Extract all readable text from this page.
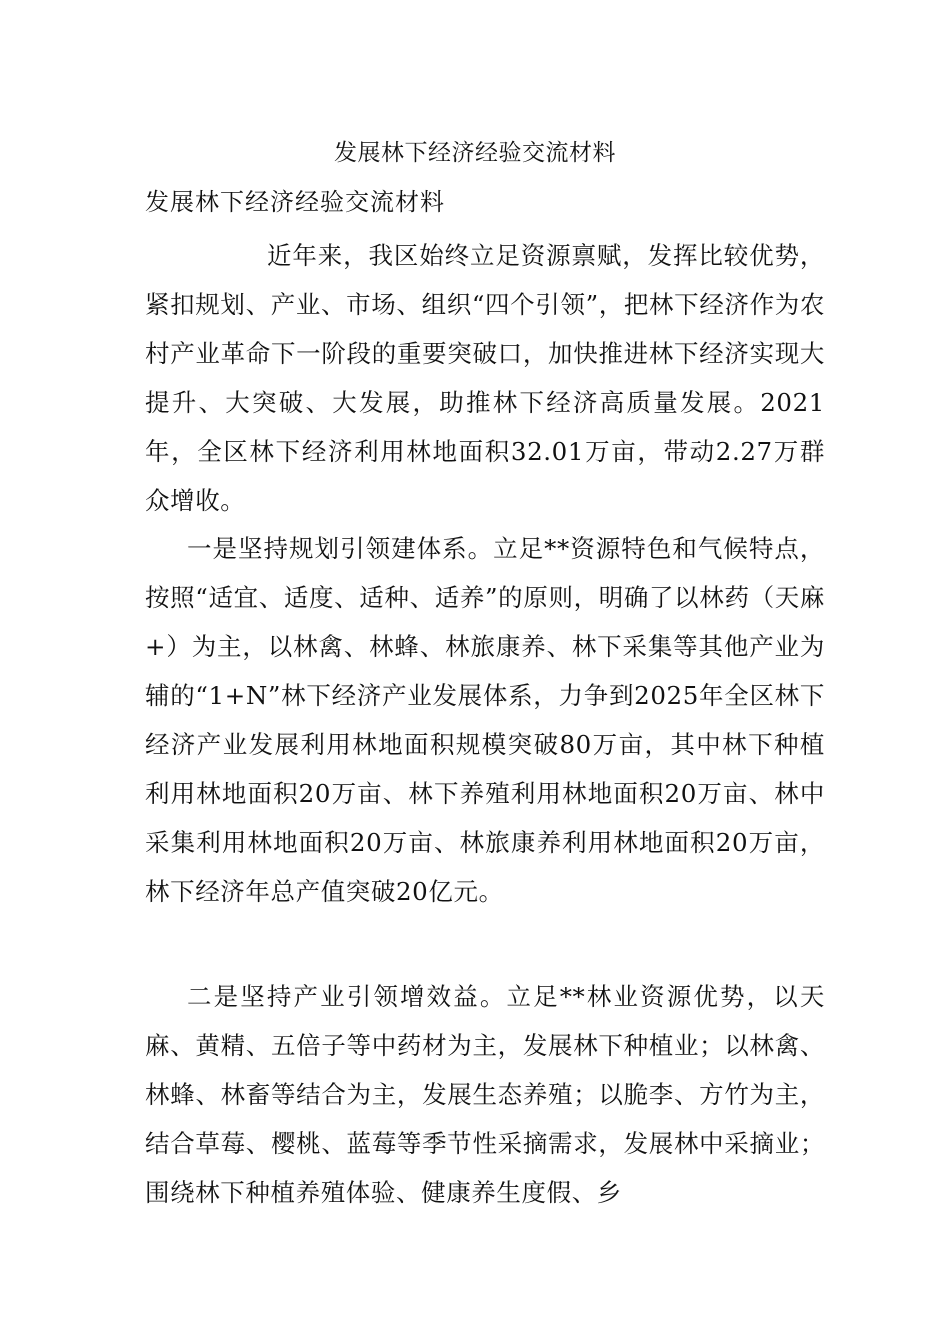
发展林下经济经验交流材料
发展林下经济经验交流材料

近年来，我区始终立足资源禀赋，发挥比较优势，紧扣规划、产业、市场、组织“四个引领”，把林下经济作为农村产业革命下一阶段的重要突破口，加快推进林下经济实现大提升、大突破、大发展，助推林下经济高质量发展。2021年，全区林下经济利用林地面积32.01万亩，带动2.27万群众增收。

一是坚持规划引领建体系。立足**资源特色和气候特点，按照“适宜、适度、适种、适养”的原则，明确了以林药（天麻+）为主，以林禽、林蜂、林旅康养、林下采集等其他产业为辅的“1+N”林下经济产业发展体系，力争到2025年全区林下经济产业发展利用林地面积规模突破80万亩，其中林下种植利用林地面积20万亩、林下养殖利用林地面积20万亩、林中采集利用林地面积20万亩、林旅康养利用林地面积20万亩，林下经济年总产值突破20亿元。

二是坚持产业引领增效益。立足**林业资源优势，以天麻、黄精、五倍子等中药材为主，发展林下种植业；以林禽、林蜂、林畜等结合为主，发展生态养殖；以脆李、方竹为主，结合草莓、樱桃、蓝莓等季节性采摘需求，发展林中采摘业；围绕林下种植养殖体验、健康养生度假、乡
